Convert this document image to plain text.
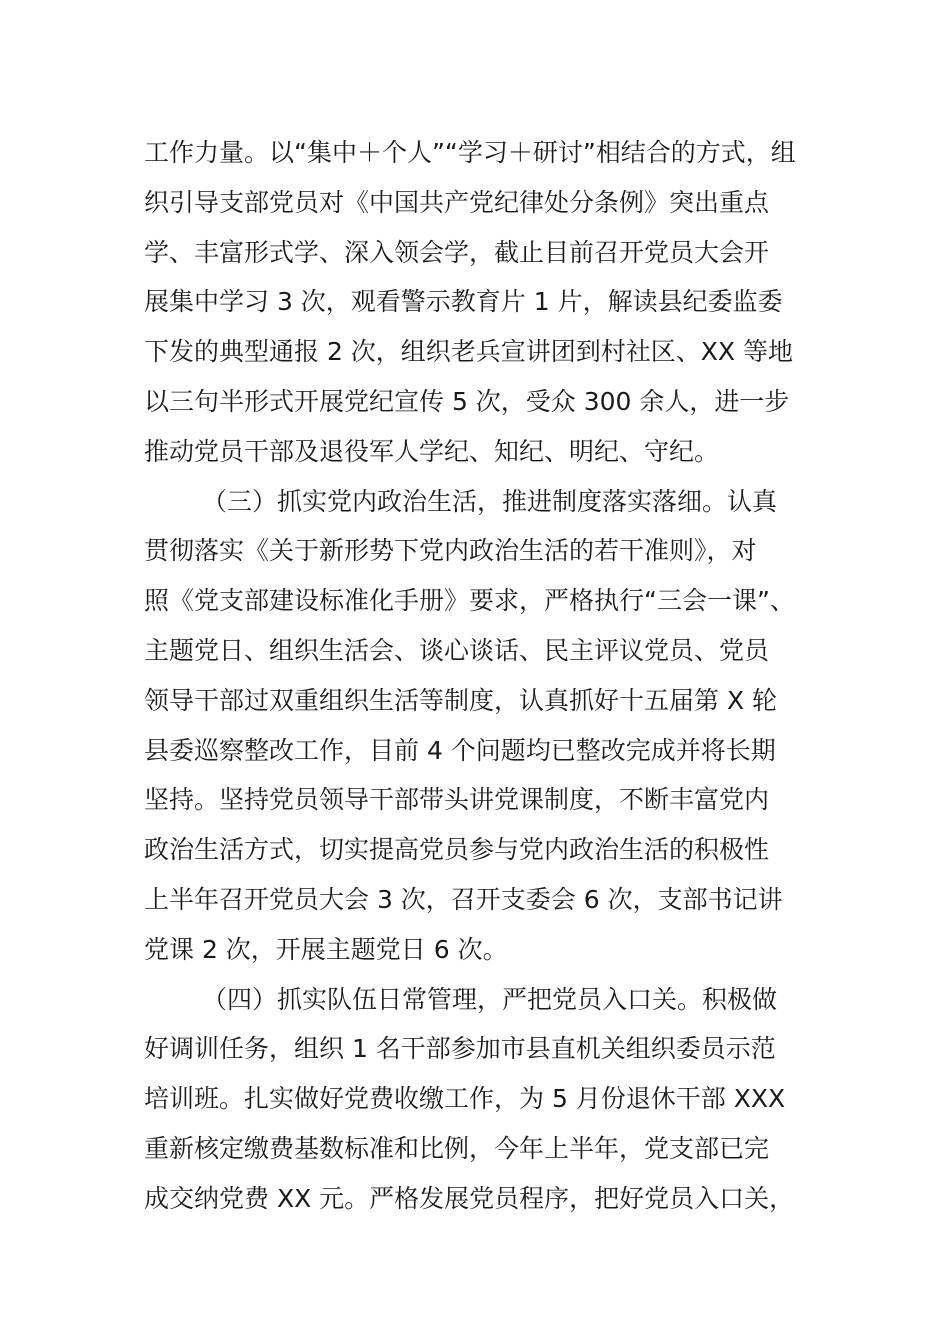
工作力量。以“集中＋个人”“学习＋研讨”相结合的方式，组
织引导支部党员对《中国共产党纪律处分条例》突出重点
学、丰富形式学、深入领会学，截止目前召开党员大会开
展集中学习 3 次，观看警示教育片 1 片，解读县纪委监委
下发的典型通报 2 次，组织老兵宣讲团到村社区、XX 等地
以三句半形式开展党纪宣传 5 次，受众 300 余人，进一步
推动党员干部及退役军人学纪、知纪、明纪、守纪。
（三）抓实党内政治生活，推进制度落实落细。认真
贯彻落实《关于新形势下党内政治生活的若干准则》，对
照《党支部建设标准化手册》要求，严格执行“三会一课”、
主题党日、组织生活会、谈心谈话、民主评议党员、党员
领导干部过双重组织生活等制度，认真抓好十五届第 X 轮
县委巡察整改工作，目前 4 个问题均已整改完成并将长期
坚持。坚持党员领导干部带头讲党课制度，不断丰富党内
政治生活方式，切实提高党员参与党内政治生活的积极性
上半年召开党员大会 3 次，召开支委会 6 次，支部书记讲
党课 2 次，开展主题党日 6 次。
（四）抓实队伍日常管理，严把党员入口关。积极做
好调训任务，组织 1 名干部参加市县直机关组织委员示范
培训班。扎实做好党费收缴工作，为 5 月份退休干部 XXX
重新核定缴费基数标准和比例，今年上半年，党支部已完
成交纳党费 XX 元。严格发展党员程序，把好党员入口关，
